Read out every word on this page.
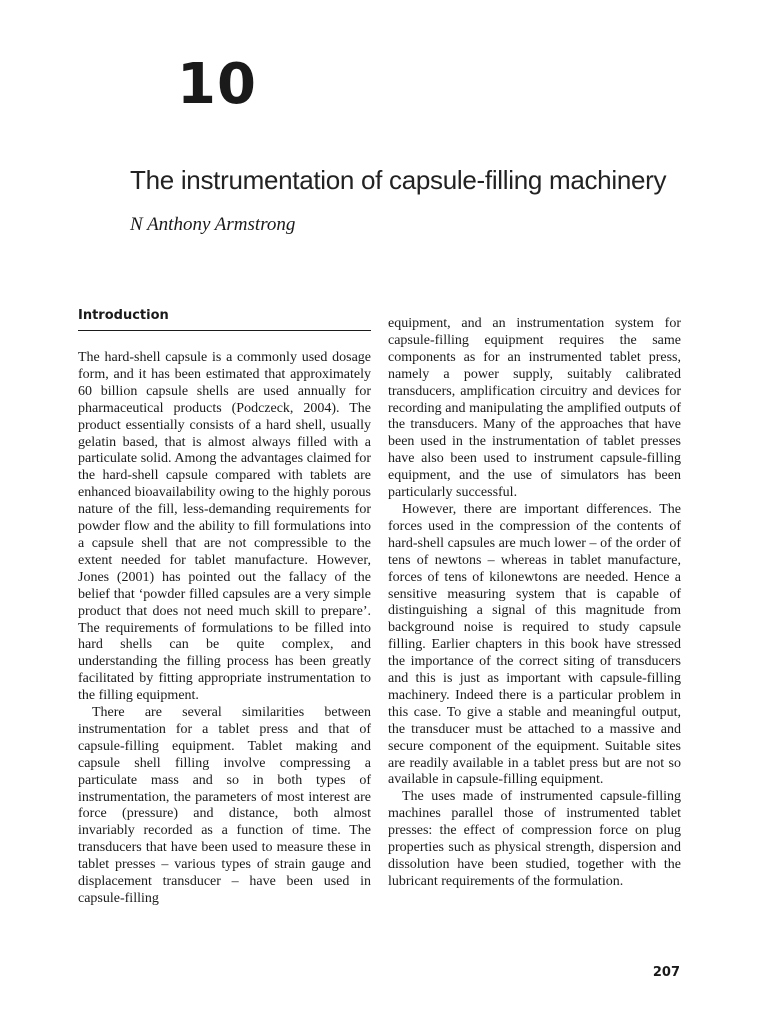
10
The instrumentation of capsule-filling machinery
N Anthony Armstrong
Introduction

The hard-shell capsule is a commonly used dosage form, and it has been estimated that approximately 60 billion capsule shells are used annually for pharmaceutical products (Podczeck, 2004). The product essentially consists of a hard shell, usually gelatin based, that is almost always filled with a particulate solid. Among the advantages claimed for the hard-shell capsule compared with tablets are enhanced bioavailability owing to the highly porous nature of the fill, less-demanding requirements for powder flow and the ability to fill formulations into a capsule shell that are not compressible to the extent needed for tablet manufacture. However, Jones (2001) has pointed out the fallacy of the belief that ‘powder filled capsules are a very simple product that does not need much skill to prepare’. The requirements of formulations to be filled into hard shells can be quite complex, and understanding the filling process has been greatly facilitated by fitting appropriate instrumentation to the filling equipment.

There are several similarities between instrumentation for a tablet press and that of capsule-filling equipment. Tablet making and capsule shell filling involve compressing a particulate mass and so in both types of instrumentation, the parameters of most interest are force (pressure) and distance, both almost invariably recorded as a function of time. The transducers that have been used to measure these in tablet presses – various types of strain gauge and displacement transducer – have been used in capsule-filling

equipment, and an instrumentation system for capsule-filling equipment requires the same components as for an instrumented tablet press, namely a power supply, suitably calibrated transducers, amplification circuitry and devices for recording and manipulating the amplified outputs of the transducers. Many of the approaches that have been used in the instrumentation of tablet presses have also been used to instrument capsule-filling equipment, and the use of simulators has been particularly successful.

However, there are important differences. The forces used in the compression of the contents of hard-shell capsules are much lower – of the order of tens of newtons – whereas in tablet manufacture, forces of tens of kilonewtons are needed. Hence a sensitive measuring system that is capable of distinguishing a signal of this magnitude from background noise is required to study capsule filling. Earlier chapters in this book have stressed the importance of the correct siting of transducers and this is just as important with capsule-filling machinery. Indeed there is a particular problem in this case. To give a stable and meaningful output, the transducer must be attached to a massive and secure component of the equipment. Suitable sites are readily available in a tablet press but are not so available in capsule-filling equipment.

The uses made of instrumented capsule-filling machines parallel those of instrumented tablet presses: the effect of compression force on plug properties such as physical strength, dispersion and dissolution have been studied, together with the lubricant requirements of the formulation.

207
